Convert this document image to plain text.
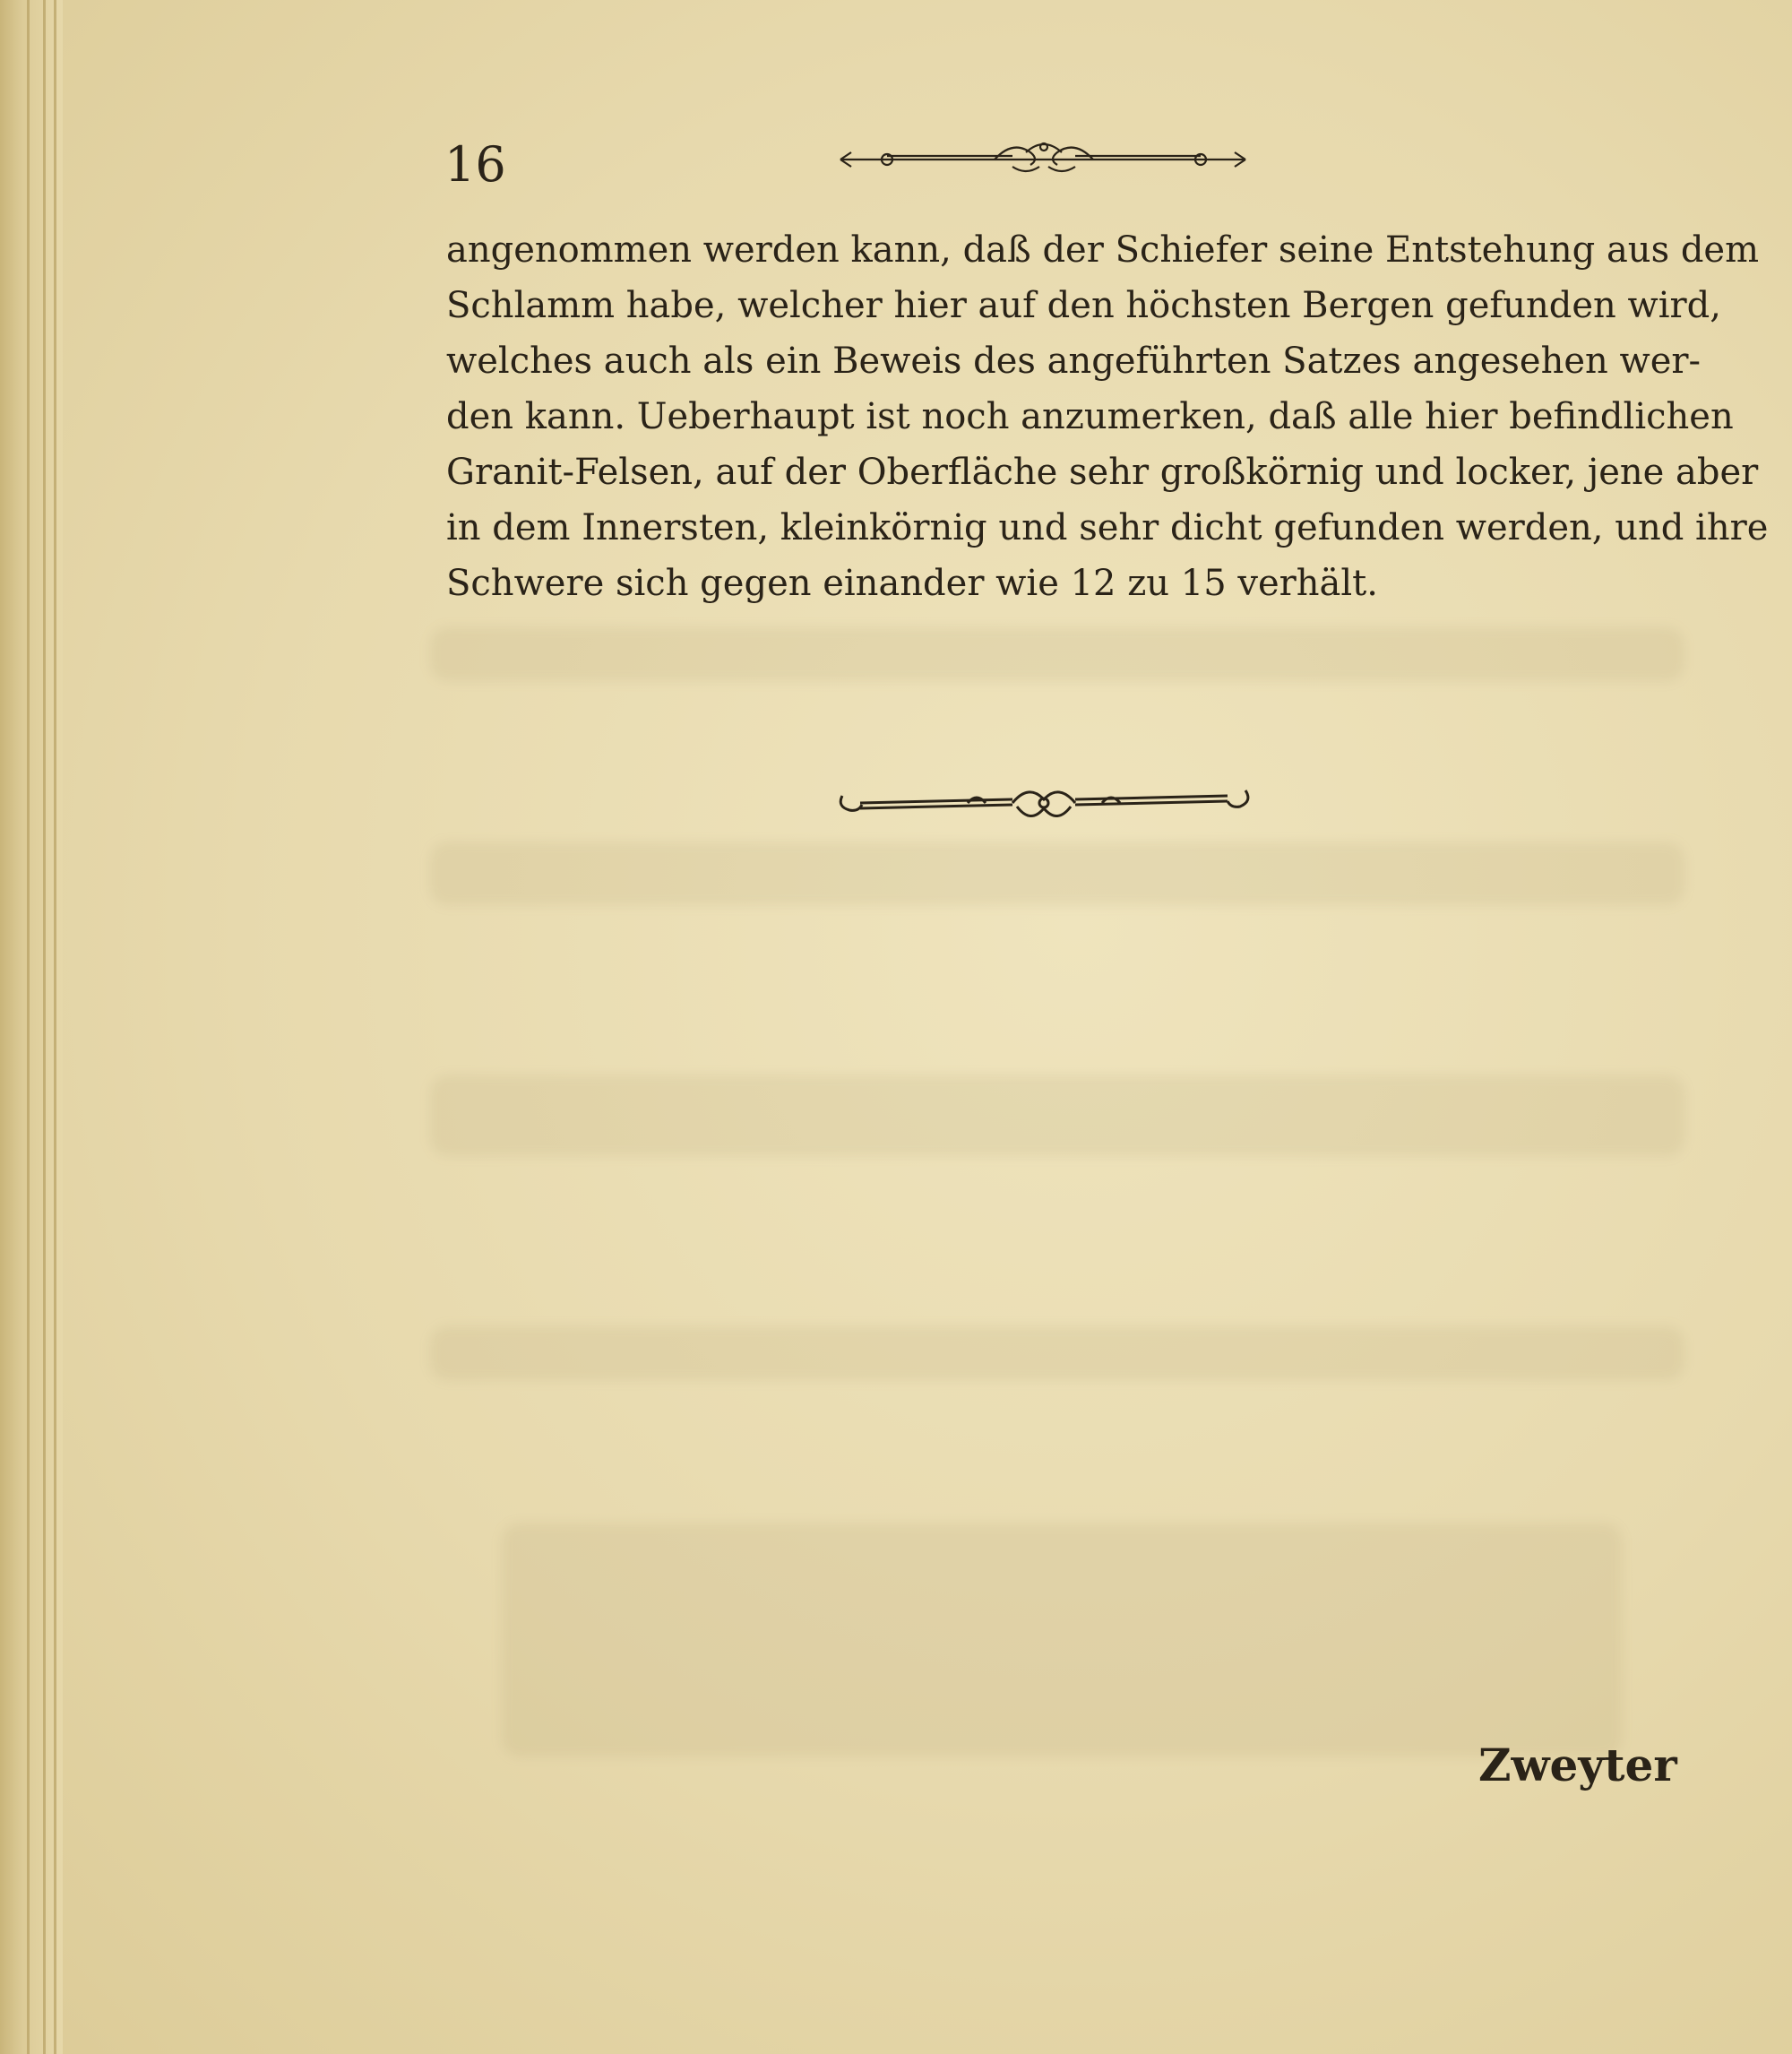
16

angenommen werden kann, daß der Schiefer seine Entstehung aus dem
Schlamm habe, welcher hier auf den höchsten Bergen gefunden wird,
welches auch als ein Beweis des angeführten Satzes angesehen wer-
den kann. Ueberhaupt ist noch anzumerken, daß alle hier befindlichen
Granit-Felsen, auf der Oberfläche sehr großkörnig und locker, jene aber
in dem Innersten, kleinkörnig und sehr dicht gefunden werden, und ihre
Schwere sich gegen einander wie 12 zu 15 verhält.

Zweyter
